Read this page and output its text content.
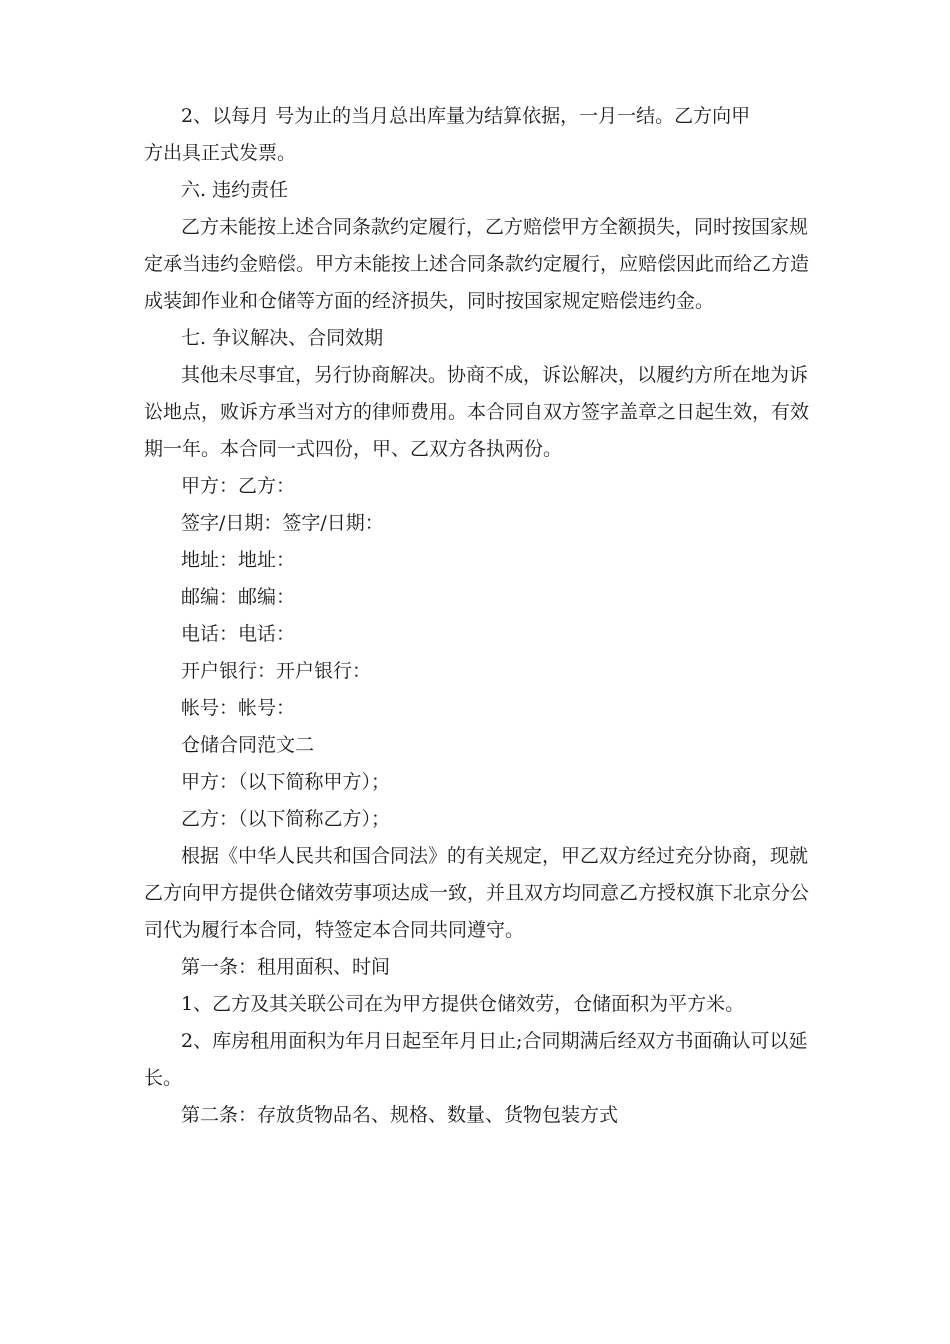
2、以每月 号为止的当月总出库量为结算依据，一月一结。乙方向甲

方出具正式发票。

六. 违约责任

乙方未能按上述合同条款约定履行，乙方赔偿甲方全额损失，同时按国家规定承当违约金赔偿。甲方未能按上述合同条款约定履行，应赔偿因此而给乙方造成装卸作业和仓储等方面的经济损失，同时按国家规定赔偿违约金。

七. 争议解决、合同效期

其他未尽事宜，另行协商解决。协商不成，诉讼解决，以履约方所在地为诉讼地点，败诉方承当对方的律师费用。本合同自双方签字盖章之日起生效，有效期一年。本合同一式四份，甲、乙双方各执两份。

甲方：乙方：

签字/日期：签字/日期：

地址：地址：

邮编：邮编：

电话：电话：

开户银行：开户银行：

帐号：帐号：

仓储合同范文二

甲方：（以下简称甲方）；

乙方：（以下简称乙方）；

根据《中华人民共和国合同法》的有关规定，甲乙双方经过充分协商，现就乙方向甲方提供仓储效劳事项达成一致，并且双方均同意乙方授权旗下北京分公司代为履行本合同，特签定本合同共同遵守。

第一条：租用面积、时间

1、乙方及其关联公司在为甲方提供仓储效劳，仓储面积为平方米。

2、库房租用面积为年月日起至年月日止;合同期满后经双方书面确认可以延长。

第二条：存放货物品名、规格、数量、货物包装方式
